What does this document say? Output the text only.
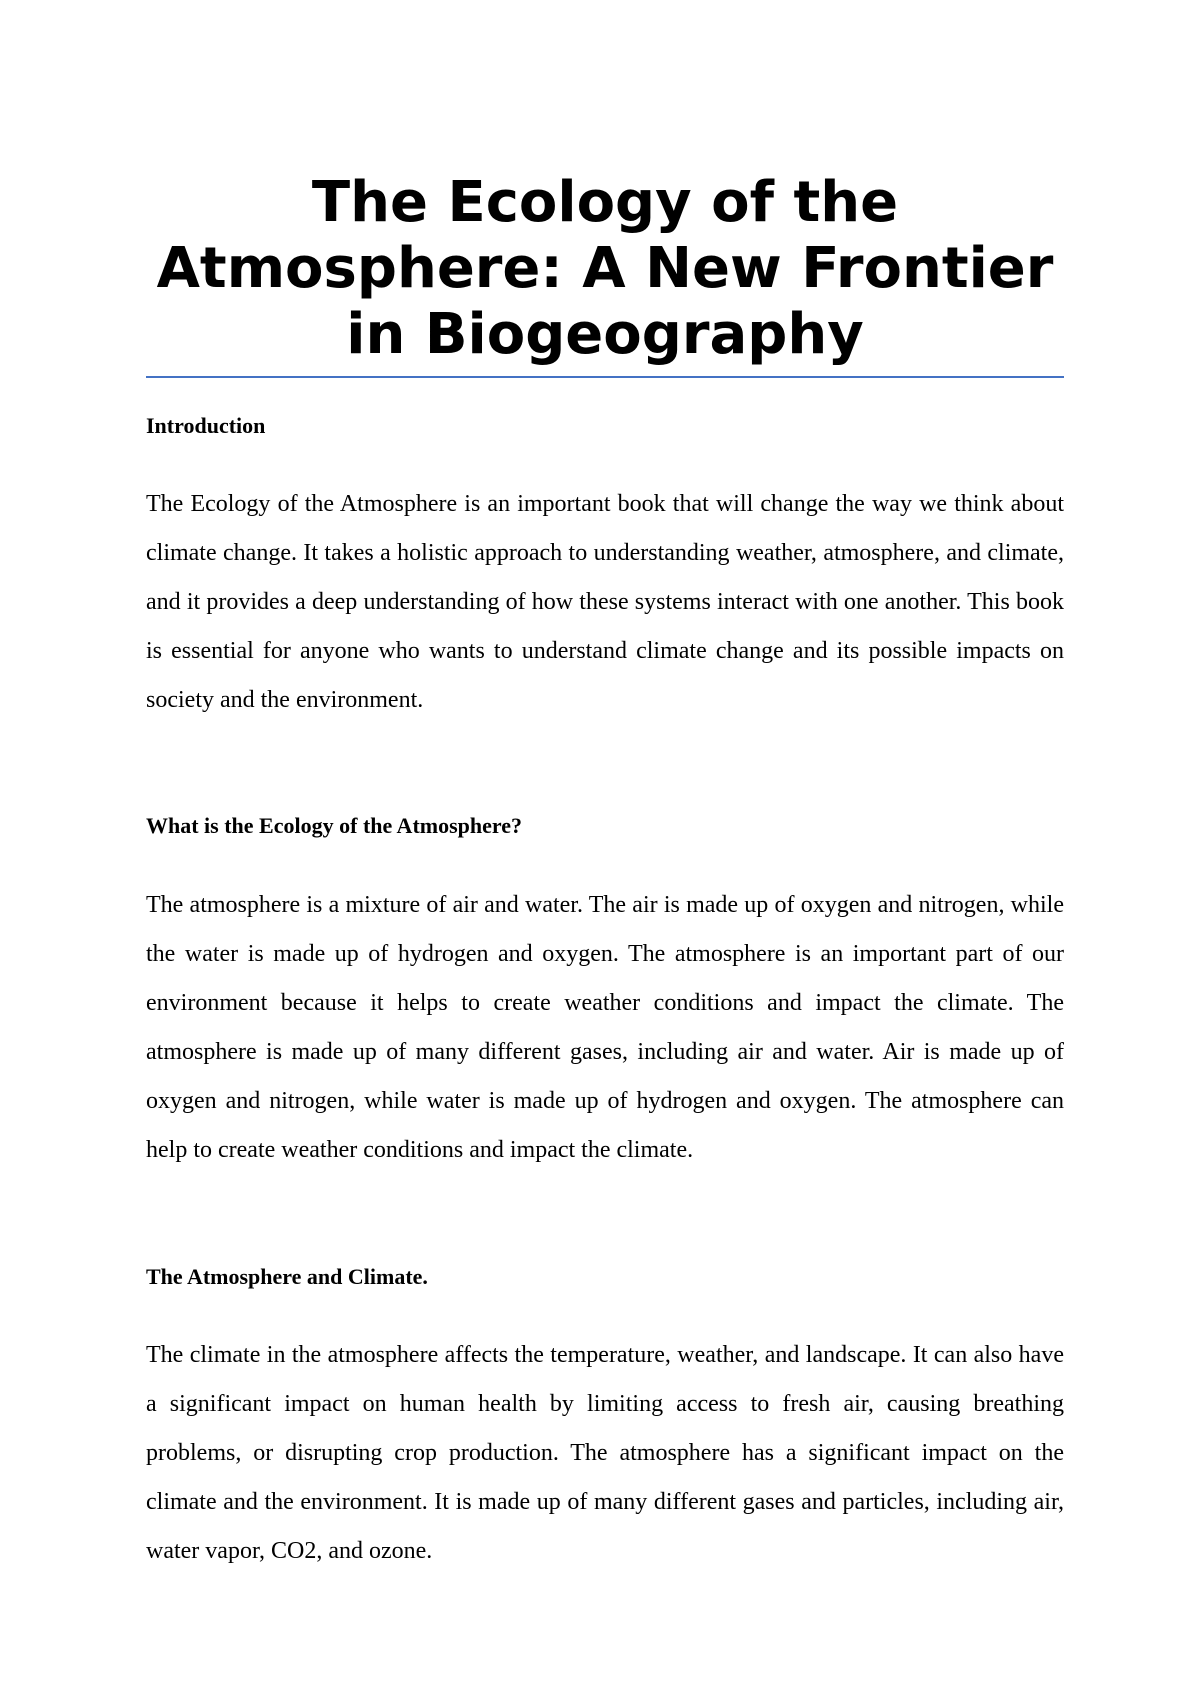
The Ecology of the Atmosphere: A New Frontier in Biogeography
Introduction

The Ecology of the Atmosphere is an important book that will change the way we think about climate change. It takes a holistic approach to understanding weather, atmosphere, and climate, and it provides a deep understanding of how these systems interact with one another. This book is essential for anyone who wants to understand climate change and its possible impacts on society and the environment.

What is the Ecology of the Atmosphere?

The atmosphere is a mixture of air and water. The air is made up of oxygen and nitrogen, while the water is made up of hydrogen and oxygen. The atmosphere is an important part of our environment because it helps to create weather conditions and impact the climate. The atmosphere is made up of many different gases, including air and water. Air is made up of oxygen and nitrogen, while water is made up of hydrogen and oxygen. The atmosphere can help to create weather conditions and impact the climate.

The Atmosphere and Climate.

The climate in the atmosphere affects the temperature, weather, and landscape. It can also have a significant impact on human health by limiting access to fresh air, causing breathing problems, or disrupting crop production. The atmosphere has a significant impact on the climate and the environment. It is made up of many different gases and particles, including air, water vapor, CO2, and ozone.
